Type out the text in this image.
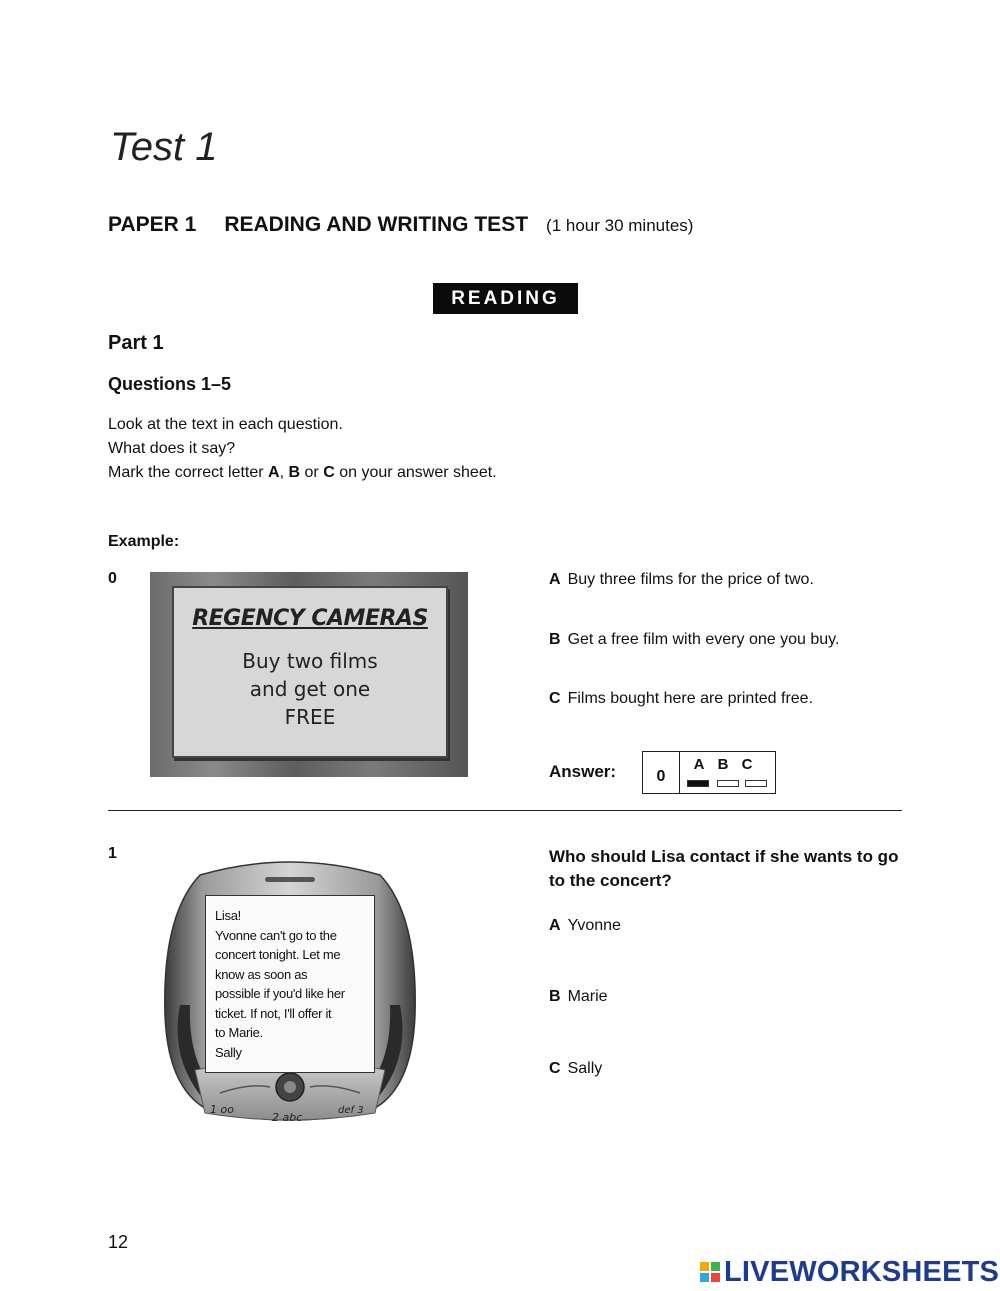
Test 1
PAPER 1 READING AND WRITING TEST (1 hour 30 minutes)
READING
Part 1
Questions 1–5
Look at the text in each question.
What does it say?
Mark the correct letter A, B or C on your answer sheet.
Example:
0
REGENCY CAMERAS
Buy two films
and get one
FREE
A Buy three films for the price of two.
B Get a free film with every one you buy.
C Films bought here are printed free.
Answer:	0
A B C
1
1 oo
2 abc
def 3
Lisa!
Yvonne can't go to the
concert tonight. Let me
know as soon as
possible if you'd like her
ticket. If not, I'll offer it
to Marie.
Sally
Who should Lisa contact if she wants to go to the concert?
A Yvonne
B Marie
C Sally
12
LIVEWORKSHEETS
